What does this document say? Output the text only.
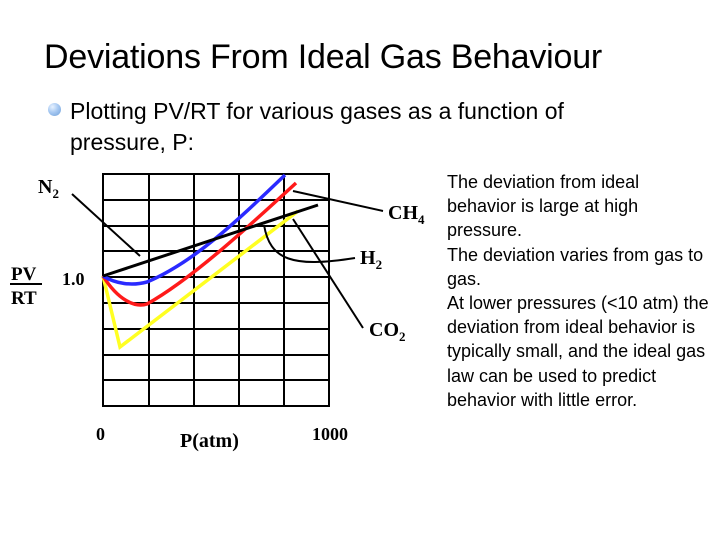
Deviations From Ideal Gas Behaviour
Plotting PV/RT for various gases as a function of
pressure, P:
The deviation from ideal behavior is large at high pressure.
The deviation varies from gas to gas.
At lower pressures (<10 atm) the deviation from ideal behavior is typically small, and the ideal gas law can be used to predict behavior with little error.
$N_2$
$CH_4$
$H_2$
$CO_2$
PV
RT
1.0
0	1000
P(atm)
